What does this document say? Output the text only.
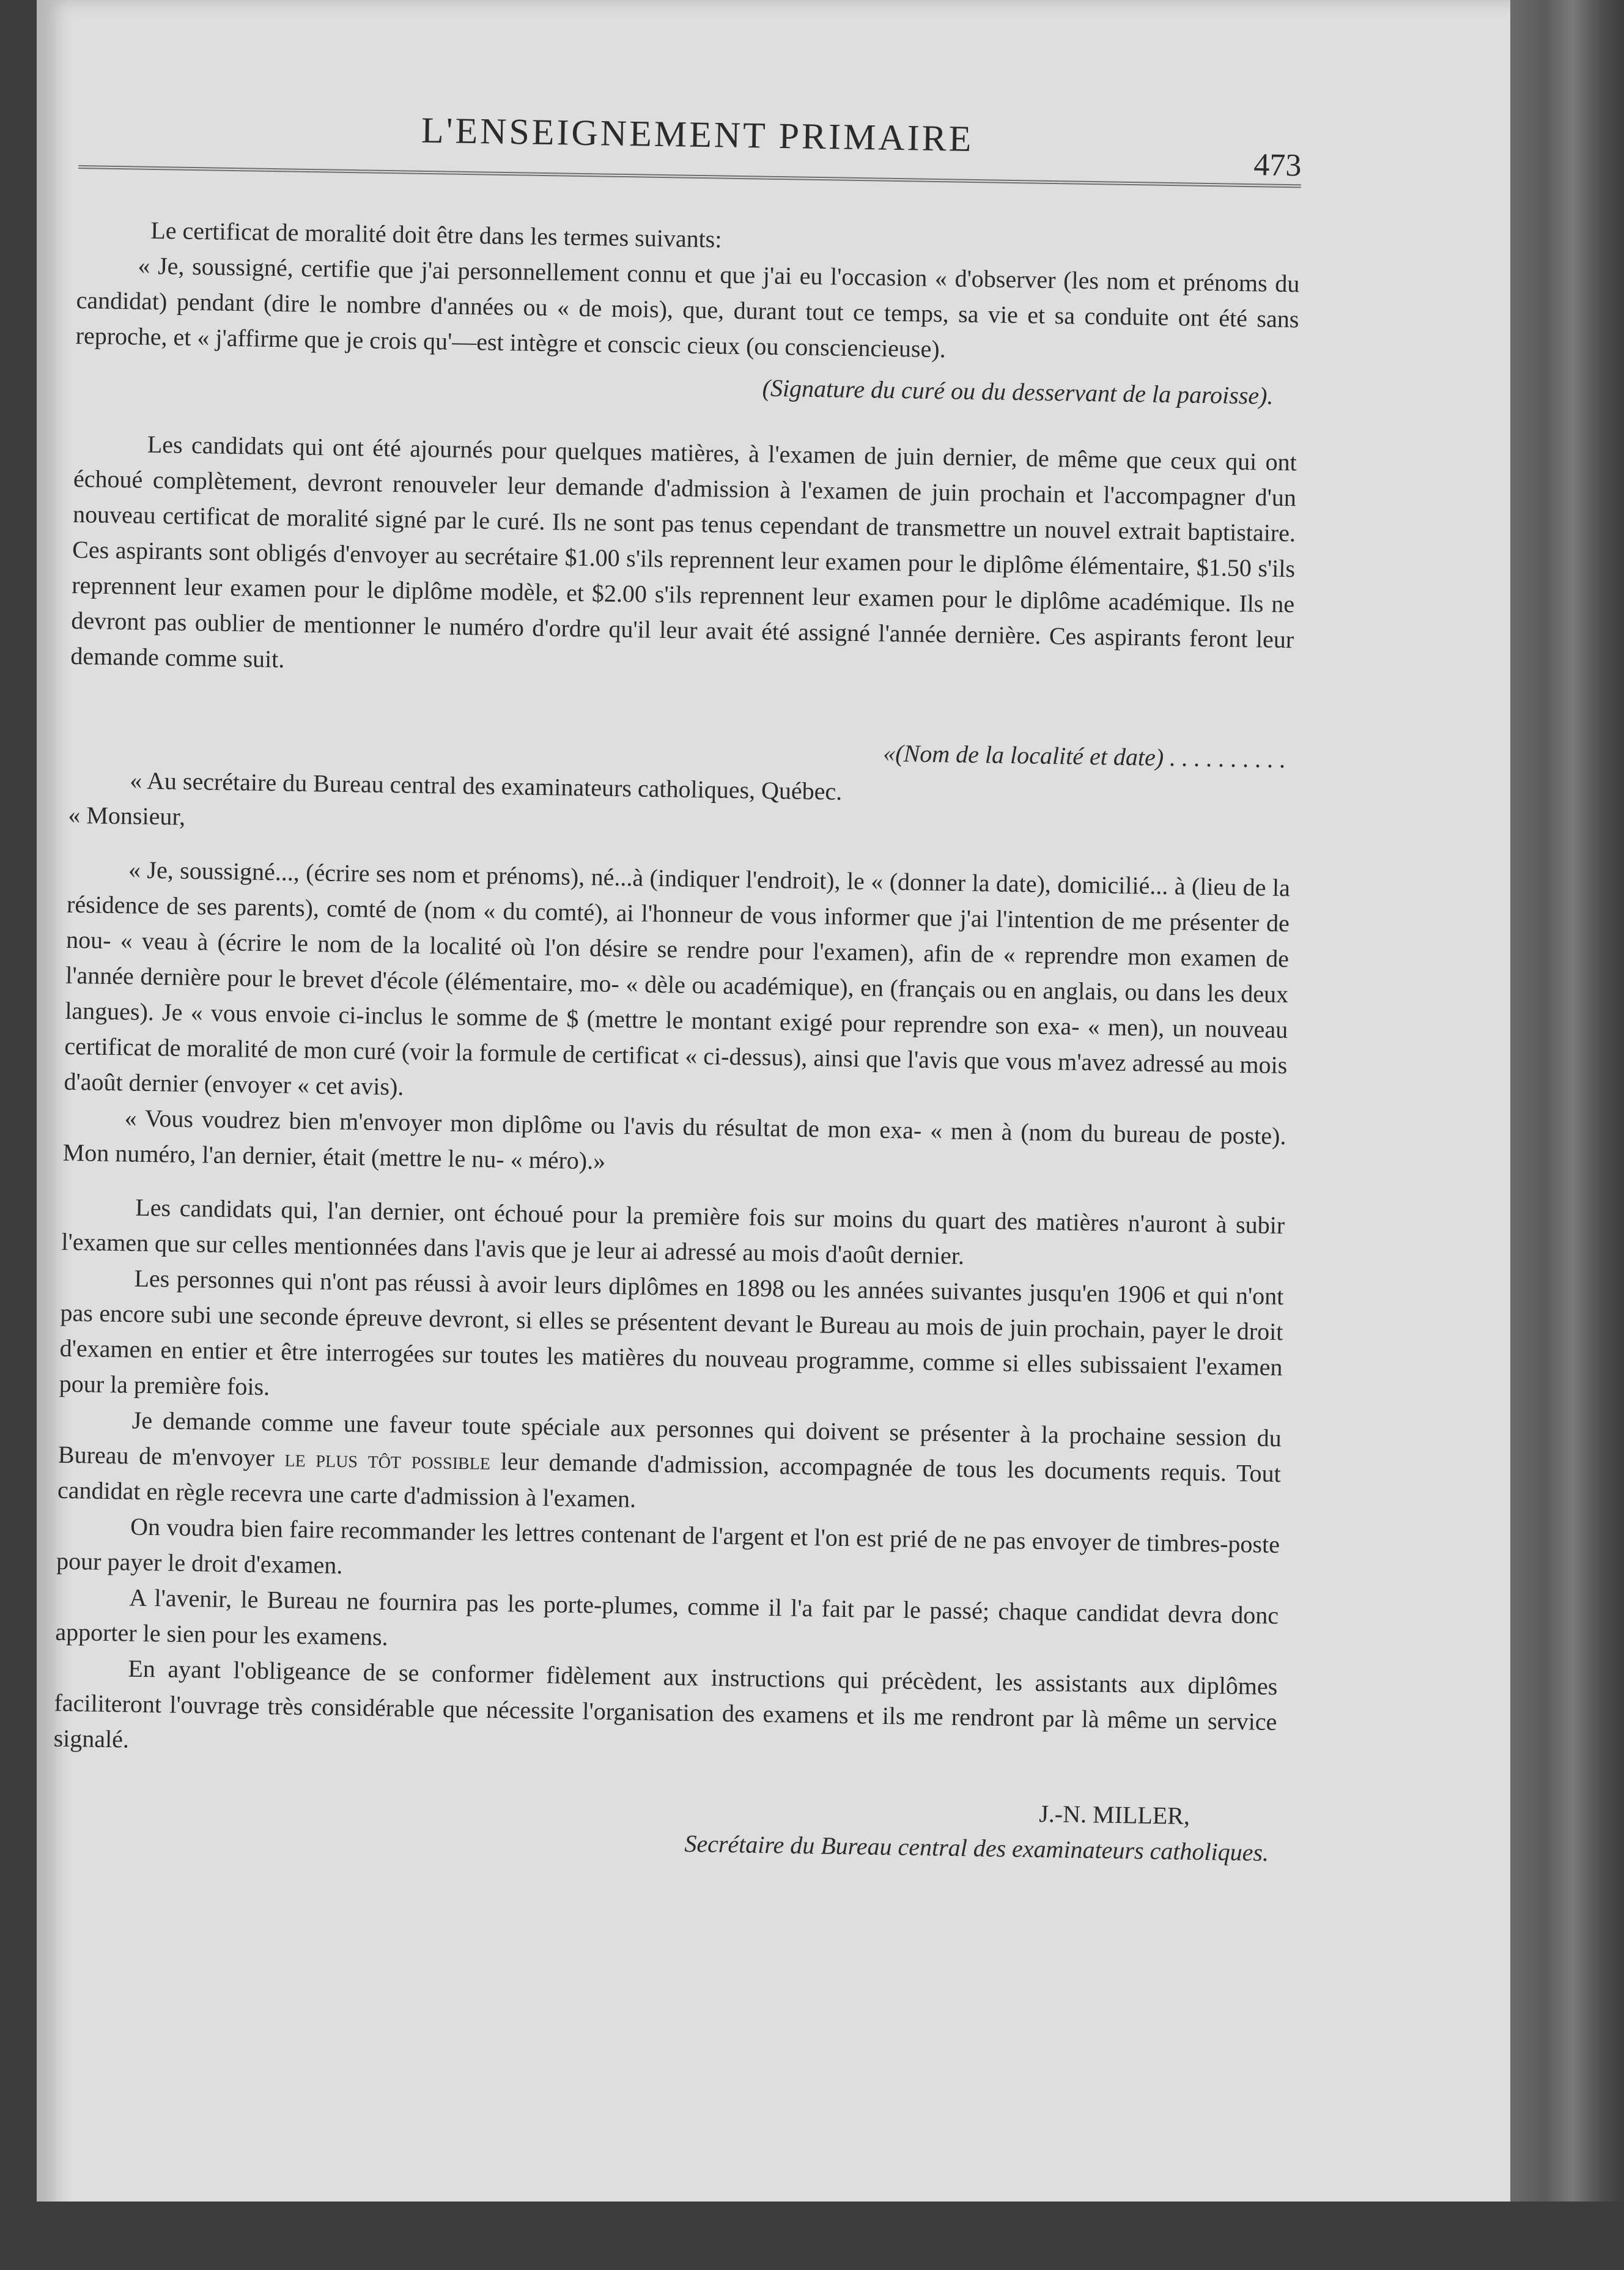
L'ENSEIGNEMENT PRIMAIRE
473

Le certificat de moralité doit être dans les termes suivants:

« Je, soussigné, certifie que j'ai personnellement connu et que j'ai eu l'occasion « d'observer (les nom et prénoms du candidat) pendant (dire le nombre d'années ou « de mois), que, durant tout ce temps, sa vie et sa conduite ont été sans reproche, et « j'affirme que je crois qu'—est intègre et conscic cieux (ou consciencieuse).

(Signature du curé ou du desservant de la paroisse).

Les candidats qui ont été ajournés pour quelques matières, à l'examen de juin dernier, de même que ceux qui ont échoué complètement, devront renouveler leur demande d'admission à l'examen de juin prochain et l'accompagner d'un nouveau certificat de moralité signé par le curé. Ils ne sont pas tenus cependant de transmettre un nouvel extrait baptistaire. Ces aspirants sont obligés d'envoyer au secrétaire $1.00 s'ils reprennent leur examen pour le diplôme élémentaire, $1.50 s'ils reprennent leur examen pour le diplôme modèle, et $2.00 s'ils reprennent leur examen pour le diplôme académique. Ils ne devront pas oublier de mentionner le numéro d'ordre qu'il leur avait été assigné l'année dernière. Ces aspirants feront leur demande comme suit.

«(Nom de la localité et date) . . . . . . . . . .

« Au secrétaire du Bureau central des examinateurs catholiques, Québec.

« Monsieur,

« Je, soussigné..., (écrire ses nom et prénoms), né...à (indiquer l'endroit), le « (donner la date), domicilié... à (lieu de la résidence de ses parents), comté de (nom « du comté), ai l'honneur de vous informer que j'ai l'intention de me présenter de nou- « veau à (écrire le nom de la localité où l'on désire se rendre pour l'examen), afin de « reprendre mon examen de l'année dernière pour le brevet d'école (élémentaire, mo- « dèle ou académique), en (français ou en anglais, ou dans les deux langues). Je « vous envoie ci-inclus le somme de $ (mettre le montant exigé pour reprendre son exa- « men), un nouveau certificat de moralité de mon curé (voir la formule de certificat « ci-dessus), ainsi que l'avis que vous m'avez adressé au mois d'août dernier (envoyer « cet avis).

« Vous voudrez bien m'envoyer mon diplôme ou l'avis du résultat de mon exa- « men à (nom du bureau de poste). Mon numéro, l'an dernier, était (mettre le nu- « méro).»

Les candidats qui, l'an dernier, ont échoué pour la première fois sur moins du quart des matières n'auront à subir l'examen que sur celles mentionnées dans l'avis que je leur ai adressé au mois d'août dernier.

Les personnes qui n'ont pas réussi à avoir leurs diplômes en 1898 ou les années suivantes jusqu'en 1906 et qui n'ont pas encore subi une seconde épreuve devront, si elles se présentent devant le Bureau au mois de juin prochain, payer le droit d'examen en entier et être interrogées sur toutes les matières du nouveau programme, comme si elles subissaient l'examen pour la première fois.

Je demande comme une faveur toute spéciale aux personnes qui doivent se présenter à la prochaine session du Bureau de m'envoyer le plus tôt possible leur demande d'admission, accompagnée de tous les documents requis. Tout candidat en règle recevra une carte d'admission à l'examen.

On voudra bien faire recommander les lettres contenant de l'argent et l'on est prié de ne pas envoyer de timbres-poste pour payer le droit d'examen.

A l'avenir, le Bureau ne fournira pas les porte-plumes, comme il l'a fait par le passé; chaque candidat devra donc apporter le sien pour les examens.

En ayant l'obligeance de se conformer fidèlement aux instructions qui précèdent, les assistants aux diplômes faciliteront l'ouvrage très considérable que nécessite l'organisation des examens et ils me rendront par là même un service signalé.

J.-N. MILLER,

Secrétaire du Bureau central des examinateurs catholiques.
